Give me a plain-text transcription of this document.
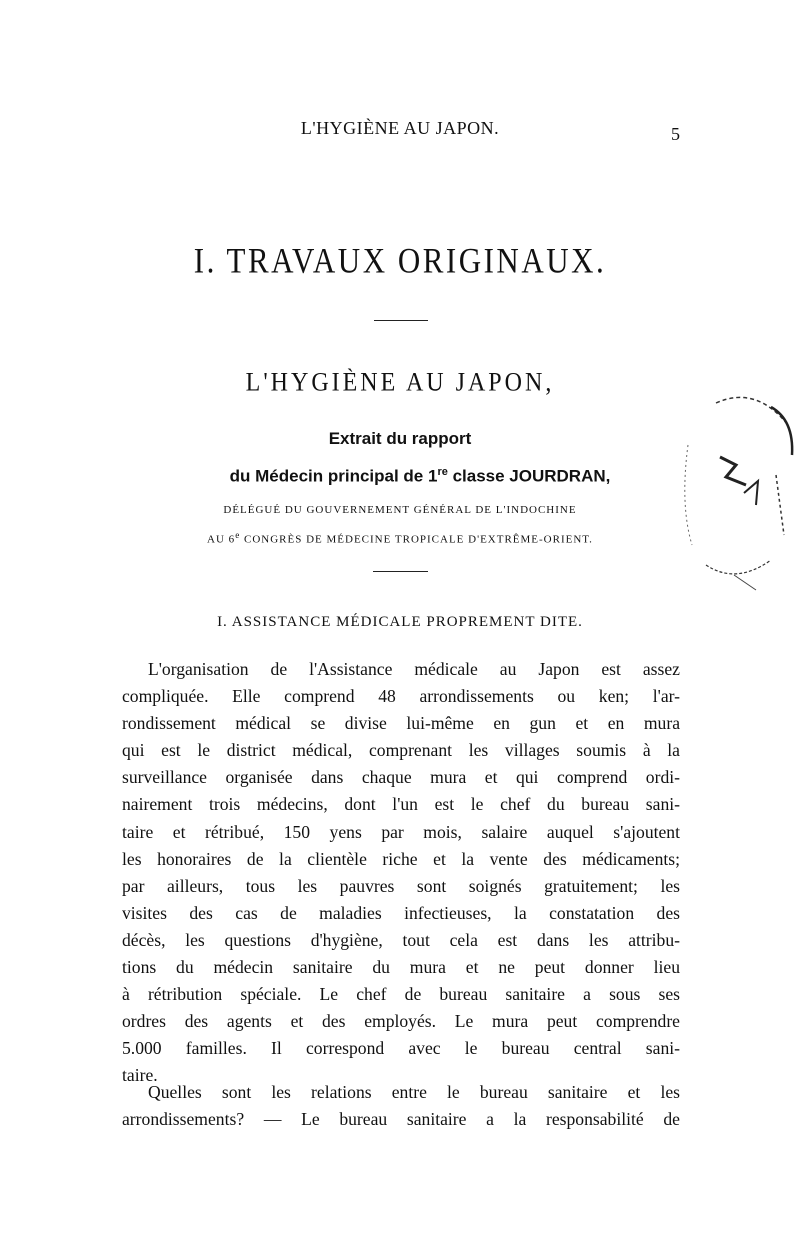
L'HYGIÈNE AU JAPON.	5
I. TRAVAUX ORIGINAUX.
L'HYGIÈNE AU JAPON,
Extrait du rapport
du Médecin principal de 1re classe JOURDRAN,
DÉLÉGUÉ DU GOUVERNEMENT GÉNÉRAL DE L'INDOCHINE
AU 6e CONGRÈS DE MÉDECINE TROPICALE D'EXTRÊME-ORIENT.
I. ASSISTANCE MÉDICALE PROPREMENT DITE.
L'organisation de l'Assistance médicale au Japon est assez
compliquée. Elle comprend 48 arrondissements ou ken; l'ar-
rondissement médical se divise lui-même en gun et en mura
qui est le district médical, comprenant les villages soumis à la
surveillance organisée dans chaque mura et qui comprend ordi-
nairement trois médecins, dont l'un est le chef du bureau sani-
taire et rétribué, 150 yens par mois, salaire auquel s'ajoutent
les honoraires de la clientèle riche et la vente des médicaments;
par ailleurs, tous les pauvres sont soignés gratuitement; les
visites des cas de maladies infectieuses, la constatation des
décès, les questions d'hygiène, tout cela est dans les attribu-
tions du médecin sanitaire du mura et ne peut donner lieu
à rétribution spéciale. Le chef de bureau sanitaire a sous ses
ordres des agents et des employés. Le mura peut comprendre
5.000 familles. Il correspond avec le bureau central sani-
taire.
Quelles sont les relations entre le bureau sanitaire et les
arrondissements? — Le bureau sanitaire a la responsabilité de
